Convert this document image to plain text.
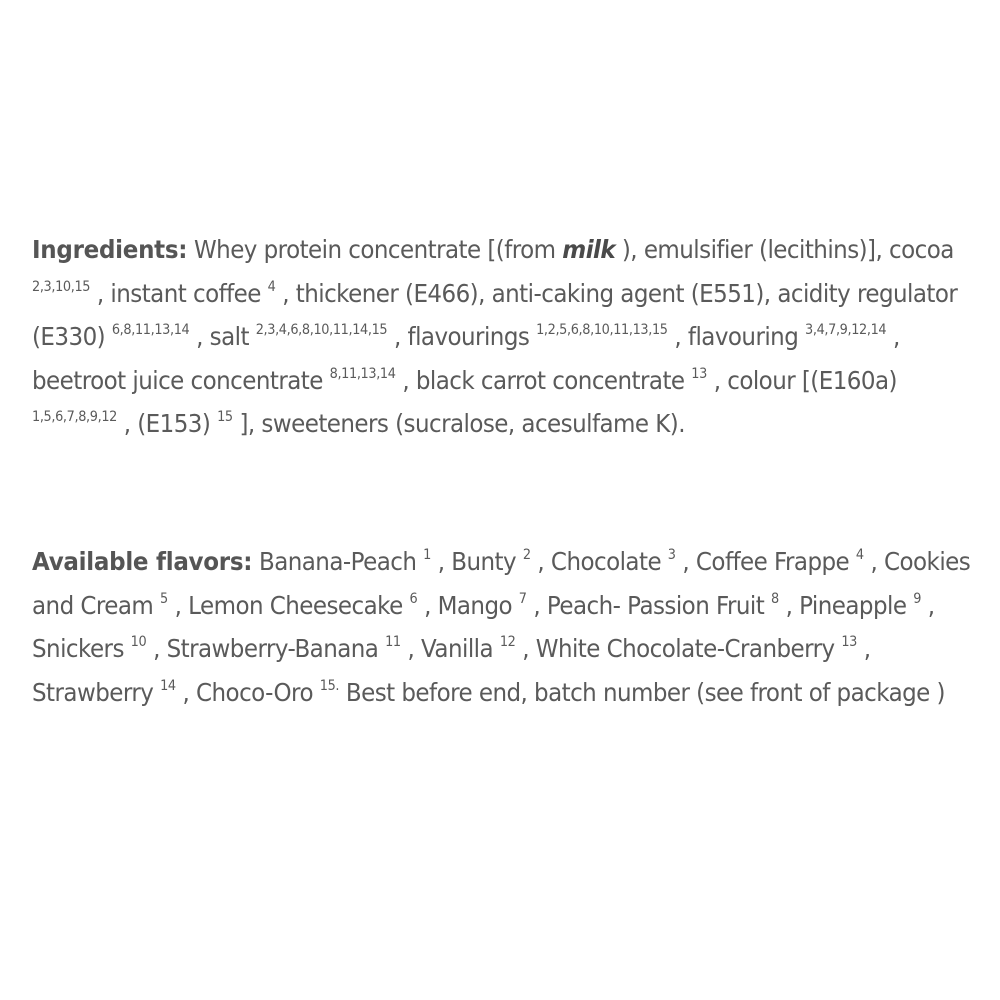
Ingredients: Whey protein concentrate [(from milk ), emulsifier (lecithins)], cocoa $^{2,3,10,15}$ , instant coffee $^4$ , thickener (E466), anti-caking agent (E551), acidity regulator (E330) $^{6,8,11,13,14}$ , salt $^{2,3,4,6,8,10,11,14,15}$ , flavourings $^{1,2,5,6,8,10,11,13,15}$ , flavouring $^{3,4,7,9,12,14}$ , beetroot juice concentrate $^{8,11,13,14}$ , black carrot concentrate $^{13}$ , colour [(E160a) $^{1,5,6,7,8,9,12}$ , (E153) $^{15}$ ], sweeteners (sucralose, acesulfame K).

Available flavors: Banana-Peach $^1$ , Bunty $^2$ , Chocolate $^3$ , Coffee Frappe $^4$ , Cookies and Cream $^5$ , Lemon Cheesecake $^6$ , Mango $^7$ , Peach- Passion Fruit $^8$ , Pineapple $^9$ , Snickers $^{10}$ , Strawberry-Banana $^{11}$ , Vanilla $^{12}$ , White Chocolate-Cranberry $^{13}$ , Strawberry $^{14}$ , Choco-Oro $^{15.}$ Best before end, batch number (see front of package )
